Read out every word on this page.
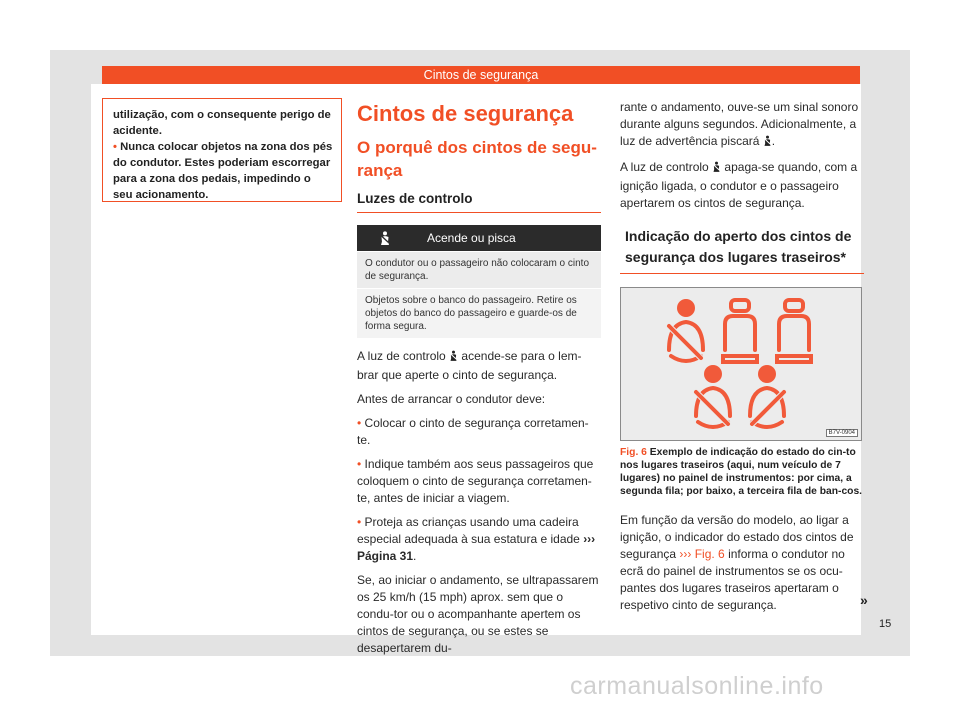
Cintos de segurança

utilização, com o consequente perigo de acidente.

• Nunca colocar objetos na zona dos pés do condutor. Estes poderiam escorregar para a zona dos pedais, impedindo o seu acionamento.

Cintos de segurança
O porquê dos cintos de segu-rança
Luzes de controlo
Acende ou pisca
O condutor ou o passageiro não colocaram o cinto de segurança.
Objetos sobre o banco do passageiro. Retire os objetos do banco do passageiro e guarde-os de forma segura.

A luz de controlo acende-se para o lem-brar que aperte o cinto de segurança.

Antes de arrancar o condutor deve:

• Colocar o cinto de segurança corretamen-te.

• Indique também aos seus passageiros que coloquem o cinto de segurança corretamen-te, antes de iniciar a viagem.

• Proteja as crianças usando uma cadeira especial adequada à sua estatura e idade ››› Página 31.

Se, ao iniciar o andamento, se ultrapassarem os 25 km/h (15 mph) aprox. sem que o condu-tor ou o acompanhante apertem os cintos de segurança, ou se estes se desapertarem du-

rante o andamento, ouve-se um sinal sonoro durante alguns segundos. Adicionalmente, a luz de advertência piscará .

A luz de controlo apaga-se quando, com a ignição ligada, o condutor e o passageiro apertarem os cintos de segurança.

Indicação do aperto dos cintos de segurança dos lugares traseiros*
B7V-0904
Fig. 6 Exemplo de indicação do estado do cin-to nos lugares traseiros (aqui, num veículo de 7 lugares) no painel de instrumentos: por cima, a segunda fila; por baixo, a terceira fila de ban-cos.

Em função da versão do modelo, ao ligar a ignição, o indicador do estado dos cintos de segurança ››› Fig. 6 informa o condutor no ecrã do painel de instrumentos se os ocu-pantes dos lugares traseiros apertaram o respetivo cinto de segurança.	»
15
carmanualsonline.info
